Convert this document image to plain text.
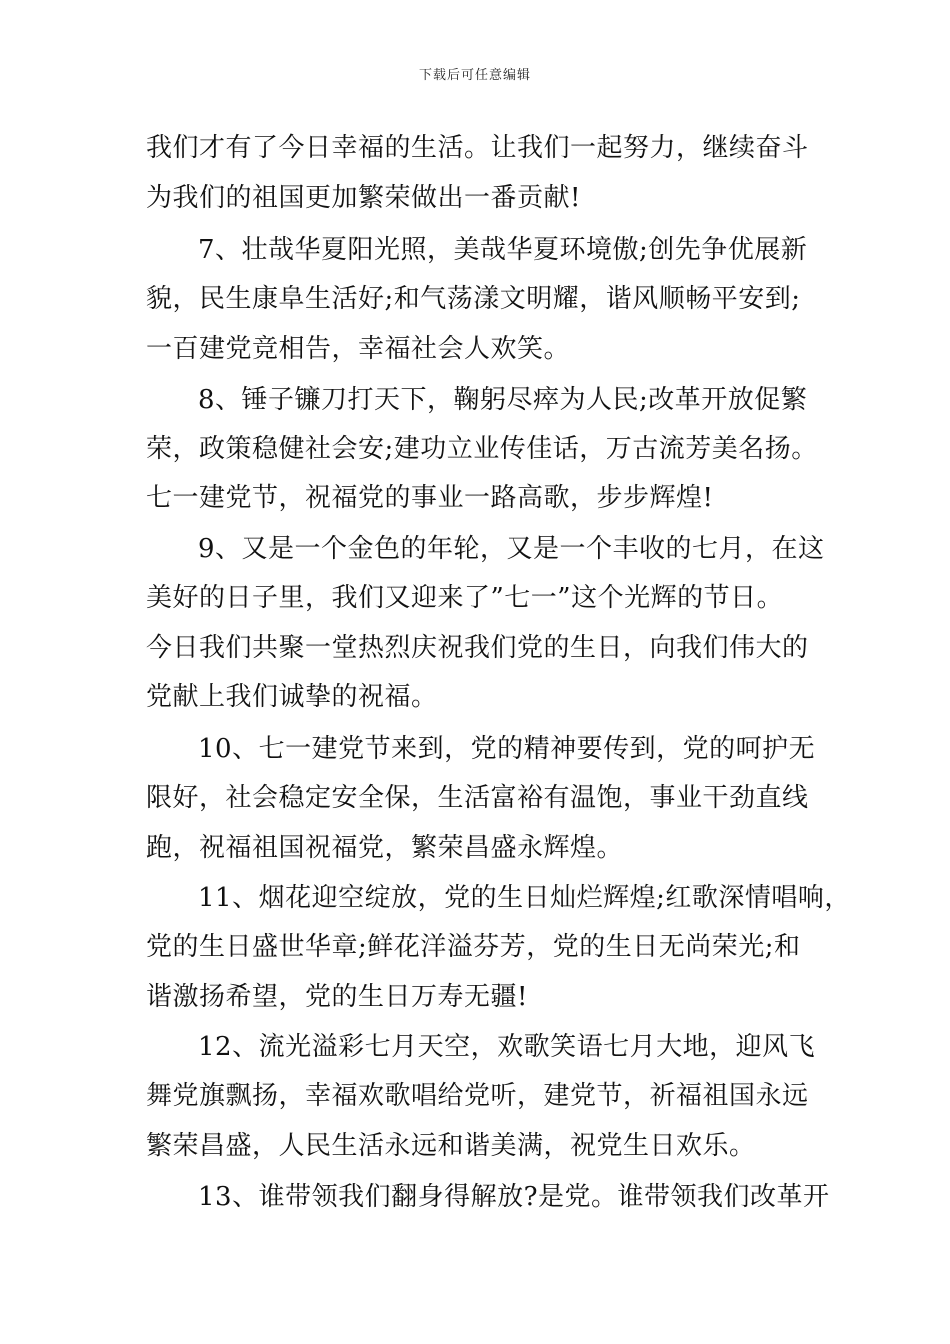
下载后可任意编辑
我们才有了今日幸福的生活。让我们一起努力，继续奋斗
为我们的祖国更加繁荣做出一番贡献!
7、壮哉华夏阳光照，美哉华夏环境傲;创先争优展新
貌，民生康阜生活好;和气荡漾文明耀，谐风顺畅平安到;
一百建党竞相告，幸福社会人欢笑。
8、锤子镰刀打天下，鞠躬尽瘁为人民;改革开放促繁
荣，政策稳健社会安;建功立业传佳话，万古流芳美名扬。
七一建党节，祝福党的事业一路高歌，步步辉煌!
9、又是一个金色的年轮，又是一个丰收的七月，在这
美好的日子里，我们又迎来了”七一”这个光辉的节日。
今日我们共聚一堂热烈庆祝我们党的生日，向我们伟大的
党献上我们诚挚的祝福。
10、七一建党节来到，党的精神要传到，党的呵护无
限好，社会稳定安全保，生活富裕有温饱，事业干劲直线
跑，祝福祖国祝福党，繁荣昌盛永辉煌。
11、烟花迎空绽放，党的生日灿烂辉煌;红歌深情唱响，
党的生日盛世华章;鲜花洋溢芬芳，党的生日无尚荣光;和
谐激扬希望，党的生日万寿无疆!
12、流光溢彩七月天空，欢歌笑语七月大地，迎风飞
舞党旗飘扬，幸福欢歌唱给党听，建党节，祈福祖国永远
繁荣昌盛，人民生活永远和谐美满，祝党生日欢乐。
13、谁带领我们翻身得解放?是党。谁带领我们改革开
